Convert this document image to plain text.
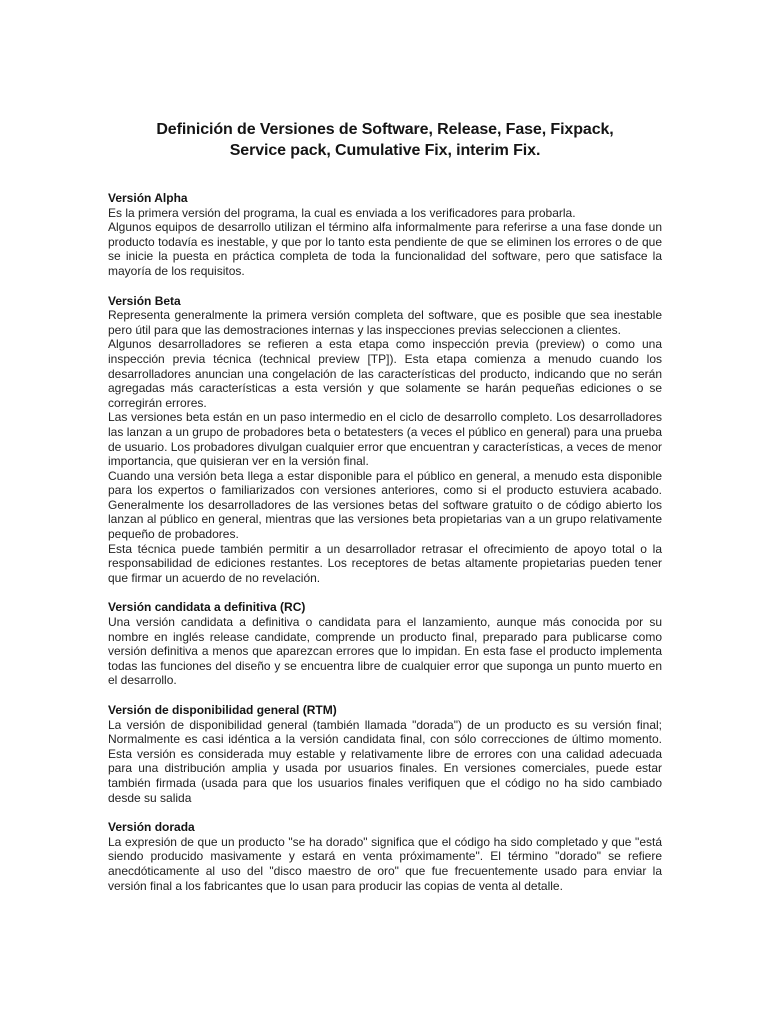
Definición de Versiones de Software, Release, Fase, Fixpack,
Service pack, Cumulative Fix, interim Fix.
Versión Alpha

Es la primera versión del programa, la cual es enviada a los verificadores para probarla.

Algunos equipos de desarrollo utilizan el término alfa informalmente para referirse a una fase donde un producto todavía es inestable, y que por lo tanto esta pendiente de que se eliminen los errores o de que se inicie la puesta en práctica completa de toda la funcionalidad del software, pero que satisface la mayoría de los requisitos.

Versión Beta

Representa generalmente la primera versión completa del software, que es posible que sea inestable pero útil para que las demostraciones internas y las inspecciones previas seleccionen a clientes.

Algunos desarrolladores se refieren a esta etapa como inspección previa (preview) o como una inspección previa técnica (technical preview [TP]). Esta etapa comienza a menudo cuando los desarrolladores anuncian una congelación de las características del producto, indicando que no serán agregadas más características a esta versión y que solamente se harán pequeñas ediciones o se corregirán errores.

Las versiones beta están en un paso intermedio en el ciclo de desarrollo completo. Los desarrolladores las lanzan a un grupo de probadores beta o betatesters (a veces el público en general) para una prueba de usuario. Los probadores divulgan cualquier error que encuentran y características, a veces de menor importancia, que quisieran ver en la versión final.

Cuando una versión beta llega a estar disponible para el público en general, a menudo esta disponible para los expertos o familiarizados con versiones anteriores, como si el producto estuviera acabado. Generalmente los desarrolladores de las versiones betas del software gratuito o de código abierto los lanzan al público en general, mientras que las versiones beta propietarias van a un grupo relativamente pequeño de probadores.

Esta técnica puede también permitir a un desarrollador retrasar el ofrecimiento de apoyo total o la responsabilidad de ediciones restantes. Los receptores de betas altamente propietarias pueden tener que firmar un acuerdo de no revelación.

Versión candidata a definitiva (RC)

Una versión candidata a definitiva o candidata para el lanzamiento, aunque más conocida por su nombre en inglés release candidate, comprende un producto final, preparado para publicarse como versión definitiva a menos que aparezcan errores que lo impidan. En esta fase el producto implementa todas las funciones del diseño y se encuentra libre de cualquier error que suponga un punto muerto en el desarrollo.

Versión de disponibilidad general (RTM)

La versión de disponibilidad general (también llamada "dorada") de un producto es su versión final; Normalmente es casi idéntica a la versión candidata final, con sólo correcciones de último momento. Esta versión es considerada muy estable y relativamente libre de errores con una calidad adecuada para una distribución amplia y usada por usuarios finales. En versiones comerciales, puede estar también firmada (usada para que los usuarios finales verifiquen que el código no ha sido cambiado desde su salida

Versión dorada

La expresión de que un producto "se ha dorado" significa que el código ha sido completado y que "está siendo producido masivamente y estará en venta próximamente". El término "dorado" se refiere anecdóticamente al uso del "disco maestro de oro" que fue frecuentemente usado para enviar la versión final a los fabricantes que lo usan para producir las copias de venta al detalle.
